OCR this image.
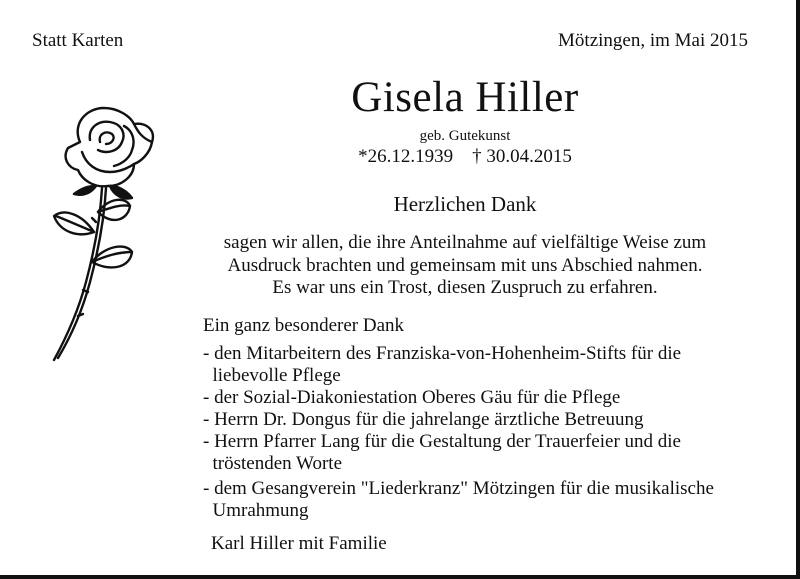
Statt Karten	Mötzingen, im Mai 2015
Gisela Hiller
geb. Gutekunst
*26.12.1939    † 30.04.2015
Herzlichen Dank
sagen wir allen, die ihre Anteilnahme auf vielfältige Weise zum
Ausdruck brachten und gemeinsam mit uns Abschied nahmen.
Es war uns ein Trost, diesen Zuspruch zu erfahren.
Ein ganz besonderer Dank
- den Mitarbeitern des Franziska-von-Hohenheim-Stifts für die
liebevolle Pflege
- der Sozial-Diakoniestation Oberes Gäu für die Pflege
- Herrn Dr. Dongus für die jahrelange ärztliche Betreuung
- Herrn Pfarrer Lang für die Gestaltung der Trauerfeier und die
tröstenden Worte
- dem Gesangverein "Liederkranz" Mötzingen für die musikalische
Umrahmung
Karl Hiller mit Familie
